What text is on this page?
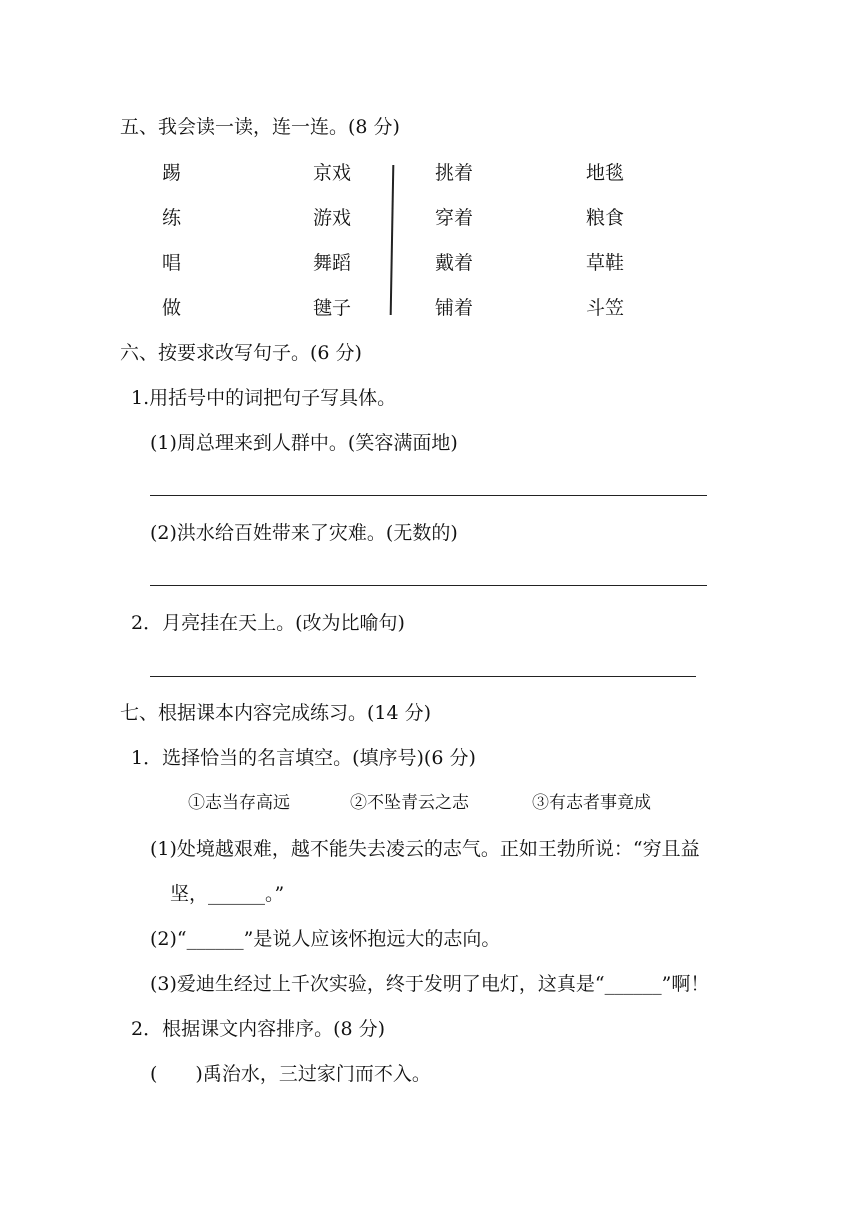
五、我会读一读，连一连。(8 分)
踢
练
唱
做
京戏
游戏
舞蹈
毽子
挑着
穿着
戴着
铺着
地毯
粮食
草鞋
斗笠
六、按要求改写句子。(6 分)
1.用括号中的词把句子写具体。
(1)周总理来到人群中。(笑容满面地)
(2)洪水给百姓带来了灾难。(无数的)
2．月亮挂在天上。(改为比喻句)
七、根据课本内容完成练习。(14 分)
1．选择恰当的名言填空。(填序号)(6 分)
①志当存高远	②不坠青云之志	③有志者事竟成
(1)处境越艰难，越不能失去凌云的志气。正如王勃所说：“穷且益
坚，______。”
(2)“______”是说人应该怀抱远大的志向。
(3)爱迪生经过上千次实验，终于发明了电灯，这真是“______”啊！
2．根据课文内容排序。(8 分)
(　　)禹治水，三过家门而不入。
